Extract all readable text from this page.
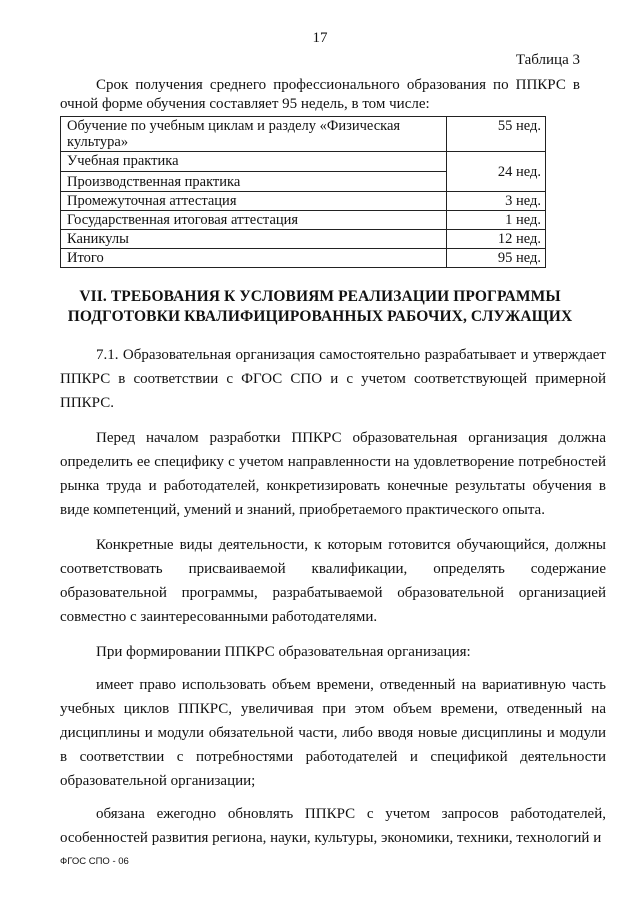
17
Таблица 3
Срок получения среднего профессионального образования по ППКРС в очной форме обучения составляет 95 недель, в том числе:
Обучение по учебным циклам и разделу «Физическая культура»	55 нед.

Учебная практика
Производственная практика	24 нед.
Промежуточная аттестация	3 нед.
Государственная итоговая аттестация	1 нед.
Каникулы	12 нед.
Итого	95 нед.
VII. ТРЕБОВАНИЯ К УСЛОВИЯМ РЕАЛИЗАЦИИ ПРОГРАММЫ
ПОДГОТОВКИ КВАЛИФИЦИРОВАННЫХ РАБОЧИХ, СЛУЖАЩИХ

7.1. Образовательная организация самостоятельно разрабатывает и утверждает ППКРС в соответствии с ФГОС СПО и с учетом соответствующей примерной ППКРС.

Перед началом разработки ППКРС образовательная организация должна определить ее специфику с учетом направленности на удовлетворение потребностей рынка труда и работодателей, конкретизировать конечные результаты обучения в виде компетенций, умений и знаний, приобретаемого практического опыта.

Конкретные виды деятельности, к которым готовится обучающийся, должны соответствовать присваиваемой квалификации, определять содержание образовательной программы, разрабатываемой образовательной организацией совместно с заинтересованными работодателями.

При формировании ППКРС образовательная организация:

имеет право использовать объем времени, отведенный на вариативную часть учебных циклов ППКРС, увеличивая при этом объем времени, отведенный на дисциплины и модули обязательной части, либо вводя новые дисциплины и модули в соответствии с потребностями работодателей и спецификой деятельности образовательной организации;

обязана ежегодно обновлять ППКРС с учетом запросов работодателей, особенностей развития региона, науки, культуры, экономики, техники, технологий и

ФГОС СПО - 06
